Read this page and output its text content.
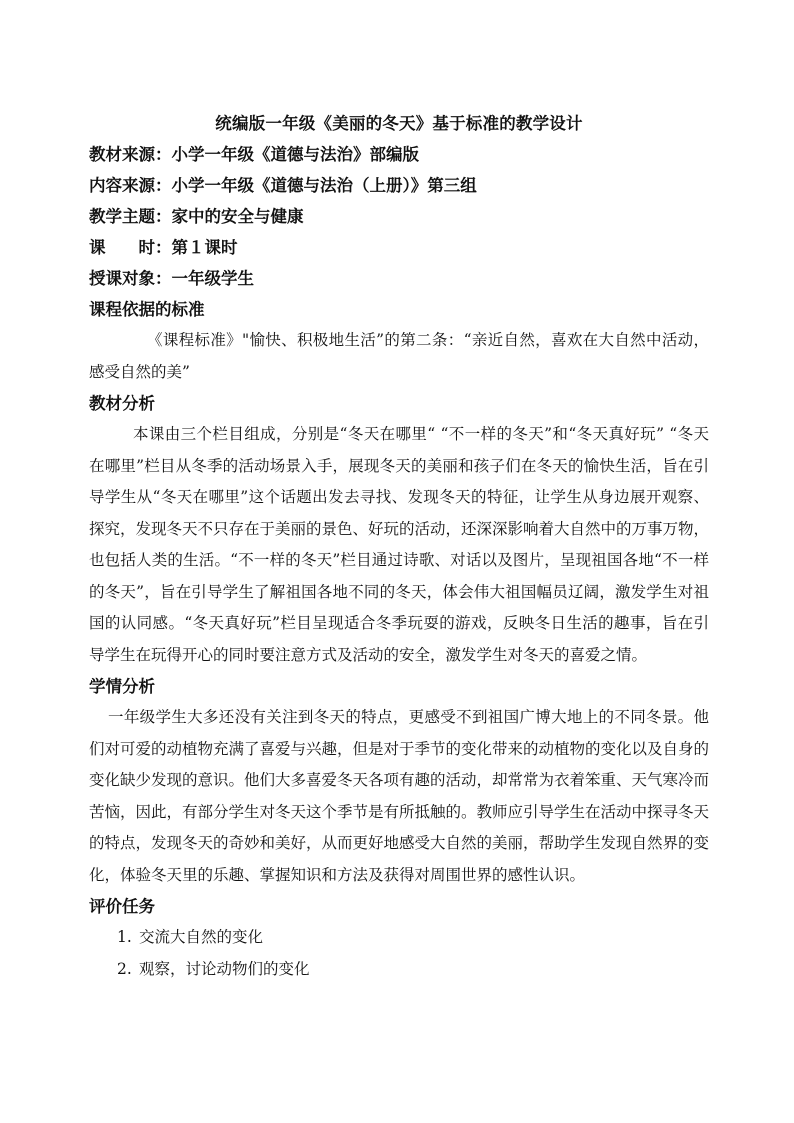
统编版一年级《美丽的冬天》基于标准的教学设计

教材来源：小学一年级《道德与法治》部编版

内容来源：小学一年级《道德与法治（上册）》第三组

教学主题：家中的安全与健康

课时：第１课时

授课对象：一年级学生

课程依据的标准

《课程标准》"愉快、积极地生活”的第二条：“亲近自然，喜欢在大自然中活动，感受自然的美”

教材分析

本课由三个栏目组成，分别是“冬天在哪里“ “不一样的冬天”和“冬天真好玩” “冬天在哪里”栏目从冬季的活动场景入手，展现冬天的美丽和孩子们在冬天的愉快生活，旨在引导学生从“冬天在哪里”这个话题出发去寻找、发现冬天的特征，让学生从身边展开观察、探究，发现冬天不只存在于美丽的景色、好玩的活动，还深深影响着大自然中的万事万物，也包括人类的生活。“不一样的冬天”栏目通过诗歌、对话以及图片，呈现祖国各地“不一样的冬天”，旨在引导学生了解祖国各地不同的冬天，体会伟大祖国幅员辽阔，激发学生对祖国的认同感。“冬天真好玩”栏目呈现适合冬季玩耍的游戏，反映冬日生活的趣事，旨在引导学生在玩得开心的同时要注意方式及活动的安全，激发学生对冬天的喜爱之情。

学情分析

一年级学生大多还没有关注到冬天的特点，更感受不到祖国广博大地上的不同冬景。他们对可爱的动植物充满了喜爱与兴趣，但是对于季节的变化带来的动植物的变化以及自身的变化缺少发现的意识。他们大多喜爱冬天各项有趣的活动，却常常为衣着笨重、天气寒冷而苦恼，因此，有部分学生对冬天这个季节是有所抵触的。教师应引导学生在活动中探寻冬天的特点，发现冬天的奇妙和美好，从而更好地感受大自然的美丽，帮助学生发现自然界的变化，体验冬天里的乐趣、掌握知识和方法及获得对周围世界的感性认识。

评价任务

1. 交流大自然的变化
2. 观察，讨论动物们的变化
